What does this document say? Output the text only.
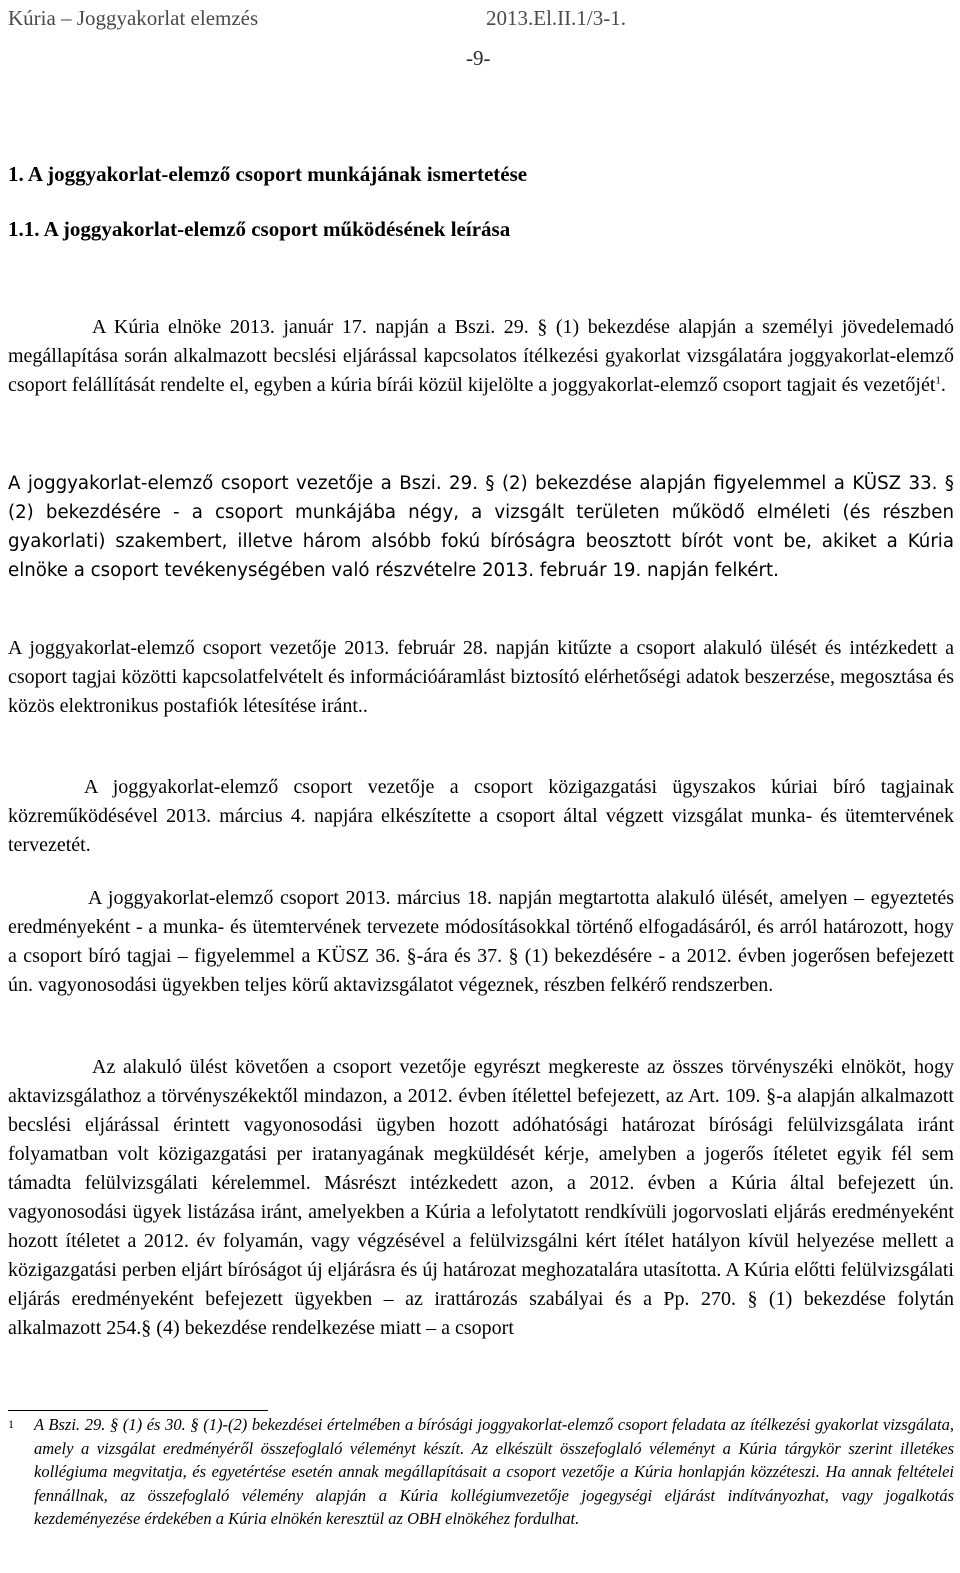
Kúria – Joggyakorlat elemzés	2013.El.II.1/3-1.
-9-
1. A joggyakorlat-elemző csoport munkájának ismertetése
1.1. A joggyakorlat-elemző csoport működésének leírása

A Kúria elnöke 2013. január 17. napján a Bszi. 29. § (1) bekezdése alapján a személyi jövedelemadó megállapítása során alkalmazott becslési eljárással kapcsolatos ítélkezési gyakorlat vizsgálatára joggyakorlat-elemző csoport felállítását rendelte el, egyben a kúria bírái közül kijelölte a joggyakorlat-elemző csoport tagjait és vezetőjét$^1$.

A joggyakorlat-elemző csoport vezetője a Bszi. 29. § (2) bekezdése alapján figyelemmel a KÜSZ 33. § (2) bekezdésére - a csoport munkájába négy, a vizsgált területen működő elméleti (és részben gyakorlati) szakembert, illetve három alsóbb fokú bíróságra beosztott bírót vont be, akiket a Kúria elnöke a csoport tevékenységében való részvételre 2013. február 19. napján felkért.

A joggyakorlat-elemző csoport vezetője 2013. február 28. napján kitűzte a csoport alakuló ülését és intézkedett a csoport tagjai közötti kapcsolatfelvételt és információáramlást biztosító elérhetőségi adatok beszerzése, megosztása és közös elektronikus postafiók létesítése iránt..

A joggyakorlat-elemző csoport vezetője a csoport közigazgatási ügyszakos kúriai bíró tagjainak közreműködésével 2013. március 4. napjára elkészítette a csoport által végzett vizsgálat munka- és ütemtervének tervezetét.

A joggyakorlat-elemző csoport 2013. március 18. napján megtartotta alakuló ülését, amelyen – egyeztetés eredményeként - a munka- és ütemtervének tervezete módosításokkal történő elfogadásáról, és arról határozott, hogy a csoport bíró tagjai – figyelemmel a KÜSZ 36. §-ára és 37. § (1) bekezdésére - a 2012. évben jogerősen befejezett ún. vagyonosodási ügyekben teljes körű aktavizsgálatot végeznek, részben felkérő rendszerben.

Az alakuló ülést követően a csoport vezetője egyrészt megkereste az összes törvényszéki elnököt, hogy aktavizsgálathoz a törvényszékektől mindazon, a 2012. évben ítélettel befejezett, az Art. 109. §-a alapján alkalmazott becslési eljárással érintett vagyonosodási ügyben hozott adóhatósági határozat bírósági felülvizsgálata iránt folyamatban volt közigazgatási per iratanyagának megküldését kérje, amelyben a jogerős ítéletet egyik fél sem támadta felülvizsgálati kérelemmel. Másrészt intézkedett azon, a 2012. évben a Kúria által befejezett ún. vagyonosodási ügyek listázása iránt, amelyekben a Kúria a lefolytatott rendkívüli jogorvoslati eljárás eredményeként hozott ítéletet a 2012. év folyamán, vagy végzésével a felülvizsgálni kért ítélet hatályon kívül helyezése mellett a közigazgatási perben eljárt bíróságot új eljárásra és új határozat meghozatalára utasította. A Kúria előtti felülvizsgálati eljárás eredményeként befejezett ügyekben – az irattározás szabályai és a Pp. 270. § (1) bekezdése folytán alkalmazott 254.§ (4) bekezdése rendelkezése miatt – a csoport

1 A Bszi. 29. § (1) és 30. § (1)-(2) bekezdései értelmében a bírósági joggyakorlat-elemző csoport feladata az ítélkezési gyakorlat vizsgálata, amely a vizsgálat eredményéről összefoglaló véleményt készít. Az elkészült összefoglaló véleményt a Kúria tárgykör szerint illetékes kollégiuma megvitatja, és egyetértése esetén annak megállapításait a csoport vezetője a Kúria honlapján közzéteszi. Ha annak feltételei fennállnak, az összefoglaló vélemény alapján a Kúria kollégiumvezetője jogegységi eljárást indítványozhat, vagy jogalkotás kezdeményezése érdekében a Kúria elnökén keresztül az OBH elnökéhez fordulhat.
